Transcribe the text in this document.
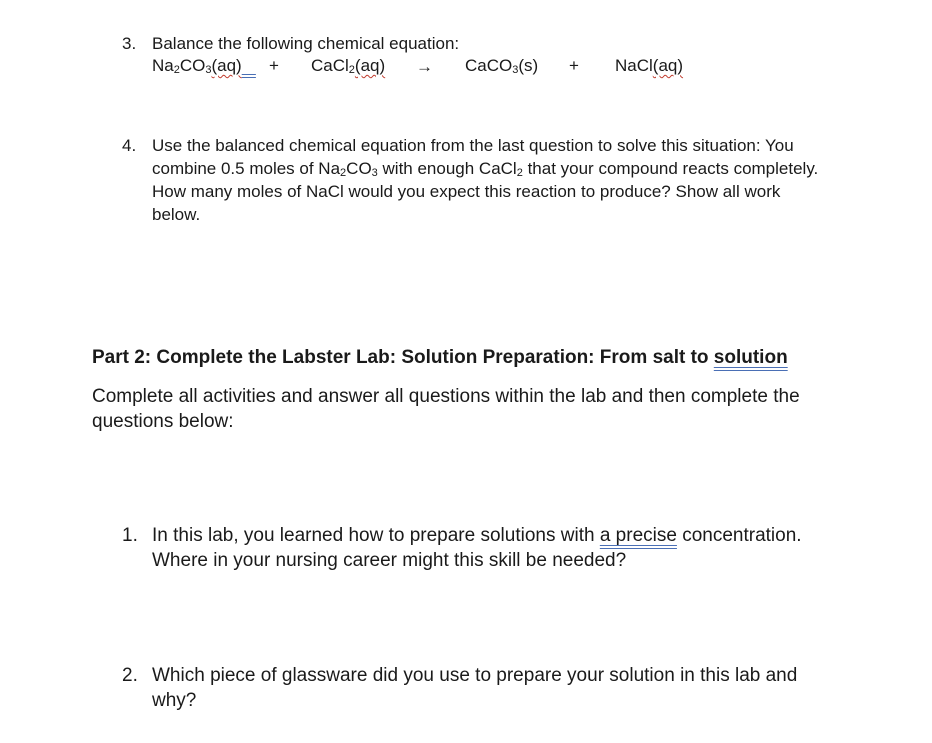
3. Balance the following chemical equation:
$Na_2CO_3(aq)$	+ CaCl$_2$(aq) → CaCO$_3$(s) + NaCl(aq)
4. Use the balanced chemical equation from the last question to solve this situation: You
combine 0.5 moles of $Na_2CO_3$ with enough CaCl$_2$ that your compound reacts completely.
How many moles of NaCl would you expect this reaction to produce? Show all work
below.
Part 2: Complete the Labster Lab: Solution Preparation: From salt to solution
Complete all activities and answer all questions within the lab and then complete the
questions below:
1. In this lab, you learned how to prepare solutions with a precise concentration.
Where in your nursing career might this skill be needed?
2. Which piece of glassware did you use to prepare your solution in this lab and
why?
